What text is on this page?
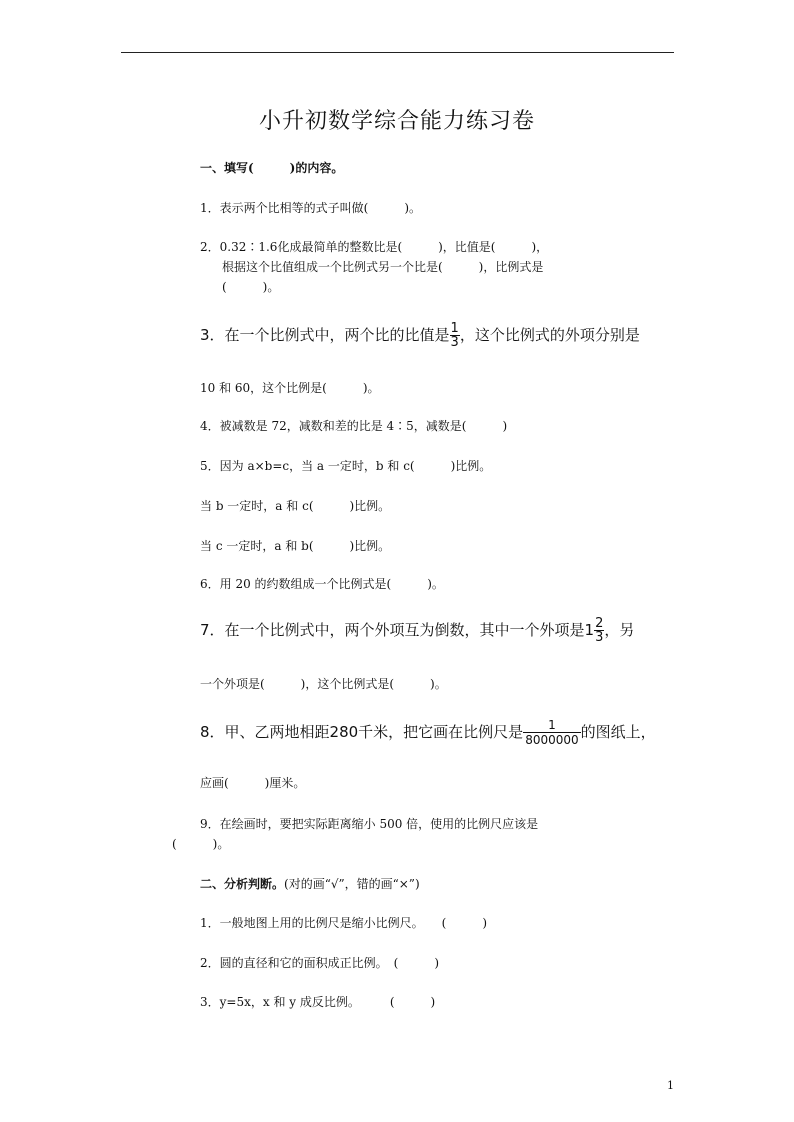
小升初数学综合能力练习卷
一、填写(　　　)的内容。
1．表示两个比相等的式子叫做(　　　)。
2．0.32∶1.6化成最简单的整数比是(　　　)，比值是(　　　)，
根据这个比值组成一个比例式另一个比是(　　　)，比例式是
(　　　)。
3．在一个比例式中，两个比的比值是 $\frac{1}{3}$ ，这个比例式的外项分别是
10 和 60，这个比例是(　　　)。
4．被减数是 72，减数和差的比是 4∶5，减数是(　　　)
5．因为 a×b=c，当 a 一定时，b 和 c(　　　)比例。
当 b 一定时，a 和 c(　　　)比例。
当 c 一定时，a 和 b(　　　)比例。
6．用 20 的约数组成一个比例式是(　　　)。
7．在一个比例式中，两个外项互为倒数，其中一个外项是$1 \frac{2}{3}$ ，另
一个外项是(　　　)，这个比例式是(　　　)。
8．甲、乙两地相距280千米，把它画在比例尺是 $\frac{1}{8000000}$ 的图纸上，
应画(　　　)厘米。
9．在绘画时，要把实际距离缩小 500 倍，使用的比例尺应该是
(　　　)。
二、分析判断。(对的画“√”，错的画“×”)
1．一般地图上用的比例尺是缩小比例尺。　　(　　　)
2．圆的直径和它的面积成正比例。　(　　　)
3．y=5x，x 和 y 成反比例。　　　(　　　)
1
